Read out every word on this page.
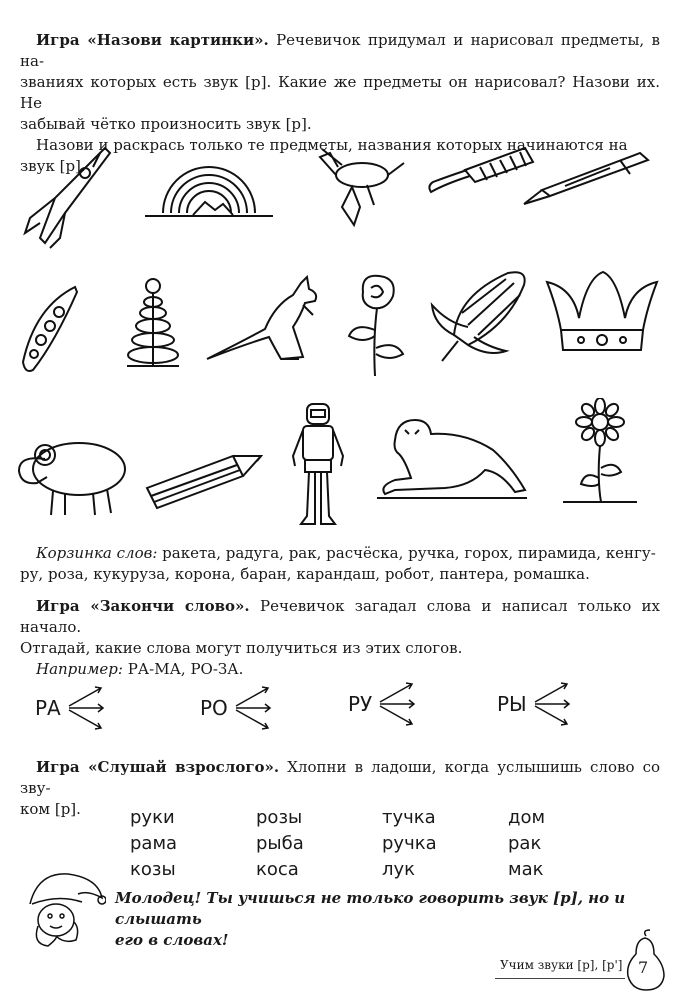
Игра «Назови картинки». Речевичок придумал и нарисовал предметы, в на-
званиях которых есть звук [р]. Какие же предметы он нарисовал? Назови их. Не
забывай чётко произносить звук [р].
Назови и раскрась только те предметы, названия которых начинаются на
звук [р].
Корзинка слов: ракета, радуга, рак, расчёска, ручка, горох, пирамида, кенгу-
ру, роза, кукуруза, корона, баран, карандаш, робот, пантера, ромашка.
Игра «Закончи слово». Речевичок загадал слова и написал только их начало.
Отгадай, какие слова могут получиться из этих слогов.
Например: РА-МА, РО-ЗА.
РА	РО	РУ	РЫ
Игра «Слушай взрослого». Хлопни в ладоши, когда услышишь слово со зву-
ком [р].	руки	розы	тучка	дом
рама	рыба	ручка	рак
козы	коса	лук	мак
Молодец! Ты учишься не только говорить звук [р], но и слышать
его в словах!
Учим звуки [р], [р'] 7
